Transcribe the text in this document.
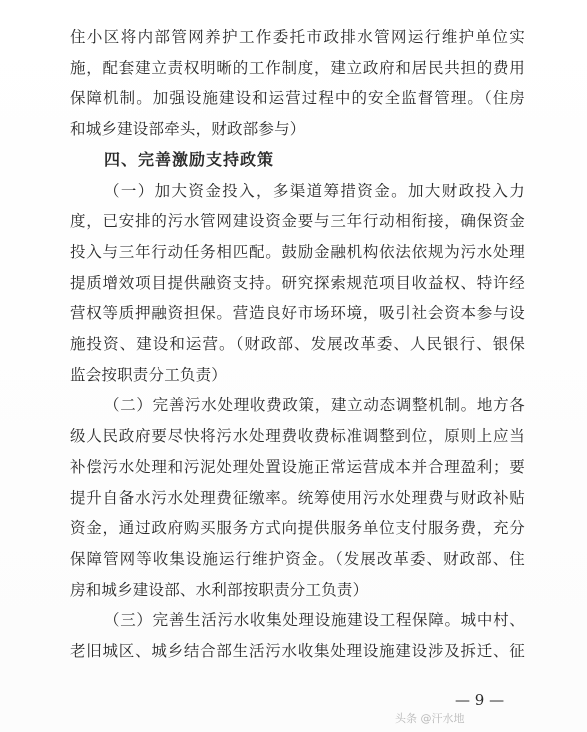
住小区将内部管网养护工作委托市政排水管网运行维护单位实
施，配套建立责权明晰的工作制度，建立政府和居民共担的费用
保障机制。加强设施建设和运营过程中的安全监督管理。（住房
和城乡建设部牵头，财政部参与）
四、完善激励支持政策
（一）加大资金投入，多渠道筹措资金。加大财政投入力
度，已安排的污水管网建设资金要与三年行动相衔接，确保资金
投入与三年行动任务相匹配。鼓励金融机构依法依规为污水处理
提质增效项目提供融资支持。研究探索规范项目收益权、特许经
营权等质押融资担保。营造良好市场环境，吸引社会资本参与设
施投资、建设和运营。（财政部、发展改革委、人民银行、银保
监会按职责分工负责）
（二）完善污水处理收费政策，建立动态调整机制。地方各
级人民政府要尽快将污水处理费收费标准调整到位，原则上应当
补偿污水处理和污泥处理处置设施正常运营成本并合理盈利；要
提升自备水污水处理费征缴率。统筹使用污水处理费与财政补贴
资金，通过政府购买服务方式向提供服务单位支付服务费，充分
保障管网等收集设施运行维护资金。（发展改革委、财政部、住
房和城乡建设部、水利部按职责分工负责）
（三）完善生活污水收集处理设施建设工程保障。城中村、
老旧城区、城乡结合部生活污水收集处理设施建设涉及拆迁、征
— 9 —
头条 @汗水地
